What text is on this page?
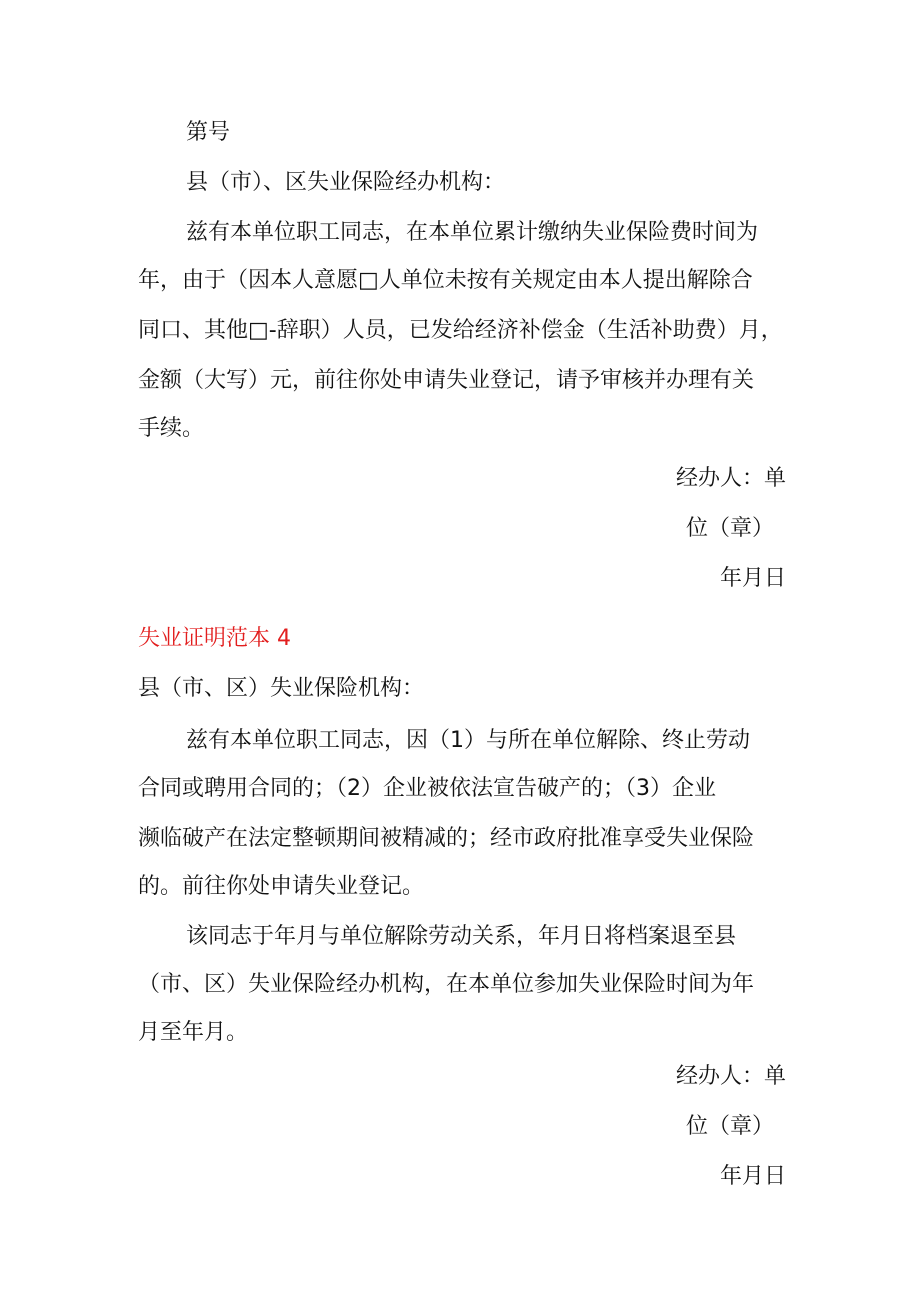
第号
县（市）、区失业保险经办机构：
兹有本单位职工同志，在本单位累计缴纳失业保险费时间为
年，由于（因本人意愿□人单位未按有关规定由本人提出解除合
同口、其他□-辞职）人员，已发给经济补偿金（生活补助费）月，
金额（大写）元，前往你处申请失业登记，请予审核并办理有关
手续。
经办人：单
位（章）
年月日
失业证明范本 4
县（市、区）失业保险机构：
兹有本单位职工同志，因（1）与所在单位解除、终止劳动
合同或聘用合同的；（2）企业被依法宣告破产的；（3）企业
濒临破产在法定整顿期间被精减的；经市政府批准享受失业保险
的。前往你处申请失业登记。
该同志于年月与单位解除劳动关系，年月日将档案退至县
（市、区）失业保险经办机构，在本单位参加失业保险时间为年
月至年月。
经办人：单
位（章）
年月日
